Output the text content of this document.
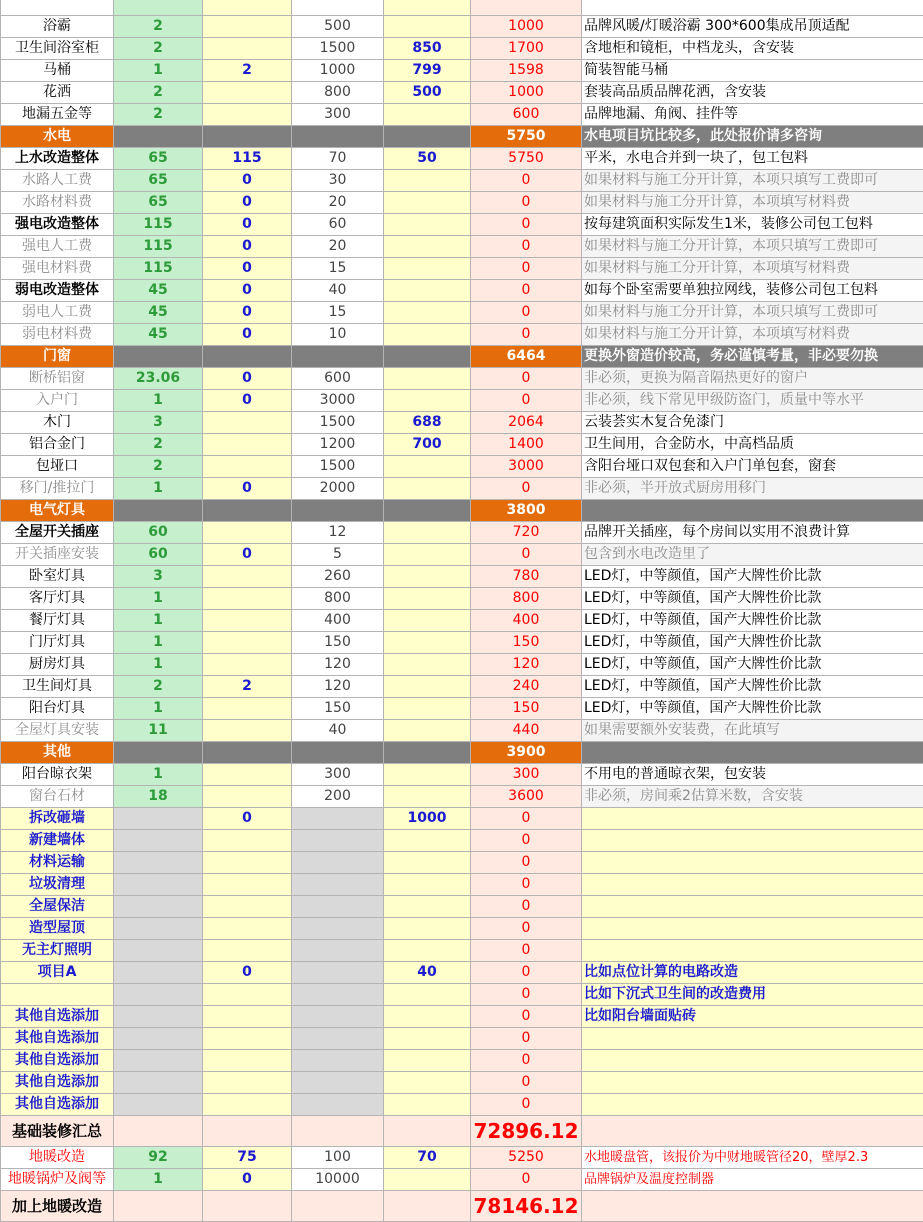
浴霸	2		500		1000	品牌风暖/灯暖浴霸 300*600集成吊顶适配
卫生间浴室柜	2		1500	850	1700	含地柜和镜柜，中档龙头，含安装
马桶	1	2	1000	799	1598	简装智能马桶
花洒	2		800	500	1000	套装高品质品牌花洒，含安装
地漏五金等	2		300		600	品牌地漏、角阀、挂件等
水电					5750	水电项目坑比较多，此处报价请多咨询
上水改造整体	65	115	70	50	5750	平米，水电合并到一块了，包工包料
水路人工费	65	0	30		0	如果材料与施工分开计算，本项只填写工费即可
水路材料费	65	0	20		0	如果材料与施工分开计算，本项填写材料费
强电改造整体	115	0	60		0	按每建筑面积实际发生1米，装修公司包工包料
强电人工费	115	0	20		0	如果材料与施工分开计算，本项只填写工费即可
强电材料费	115	0	15		0	如果材料与施工分开计算，本项填写材料费
弱电改造整体	45	0	40		0	如每个卧室需要单独拉网线，装修公司包工包料
弱电人工费	45	0	15		0	如果材料与施工分开计算，本项只填写工费即可
弱电材料费	45	0	10		0	如果材料与施工分开计算，本项填写材料费
门窗					6464	更换外窗造价较高，务必谨慎考量，非必要勿换
断桥铝窗	23.06	0	600		0	非必须，更换为隔音隔热更好的窗户
入户门	1	0	3000		0	非必须，线下常见甲级防盗门，质量中等水平
木门	3		1500	688	2064	云装荟实木复合免漆门
铝合金门	2		1200	700	1400	卫生间用，合金防水，中高档品质
包垭口	2		1500		3000	含阳台垭口双包套和入户门单包套，窗套
移门/推拉门	1	0	2000		0	非必须，半开放式厨房用移门
电气灯具					3800	
全屋开关插座	60		12		720	品牌开关插座，每个房间以实用不浪费计算
开关插座安装	60	0	5		0	包含到水电改造里了
卧室灯具	3		260		780	LED灯，中等颜值，国产大牌性价比款
客厅灯具	1		800		800	LED灯，中等颜值，国产大牌性价比款
餐厅灯具	1		400		400	LED灯，中等颜值，国产大牌性价比款
门厅灯具	1		150		150	LED灯，中等颜值，国产大牌性价比款
厨房灯具	1		120		120	LED灯，中等颜值，国产大牌性价比款
卫生间灯具	2	2	120		240	LED灯，中等颜值，国产大牌性价比款
阳台灯具	1		150		150	LED灯，中等颜值，国产大牌性价比款
全屋灯具安装	11		40		440	如果需要额外安装费，在此填写
其他					3900	
阳台晾衣架	1		300		300	不用电的普通晾衣架，包安装
窗台石材	18		200		3600	非必须，房间乘2估算米数，含安装
拆改砸墙		0		1000	0	
新建墙体					0	
材料运输					0	
垃圾清理					0	
全屋保洁					0	
造型屋顶					0	
无主灯照明					0	
项目A		0		40	0	比如点位计算的电路改造
					0	比如下沉式卫生间的改造费用
其他自选添加					0	比如阳台墙面贴砖
其他自选添加					0	
其他自选添加					0	
其他自选添加					0	
其他自选添加					0	
基础装修汇总					72896.12	
地暖改造	92	75	100	70	5250	水地暖盘管，该报价为中财地暖管径20，壁厚2.3
地暖锅炉及阀等	1	0	10000		0	品牌锅炉及温度控制器
加上地暖改造					78146.12	
